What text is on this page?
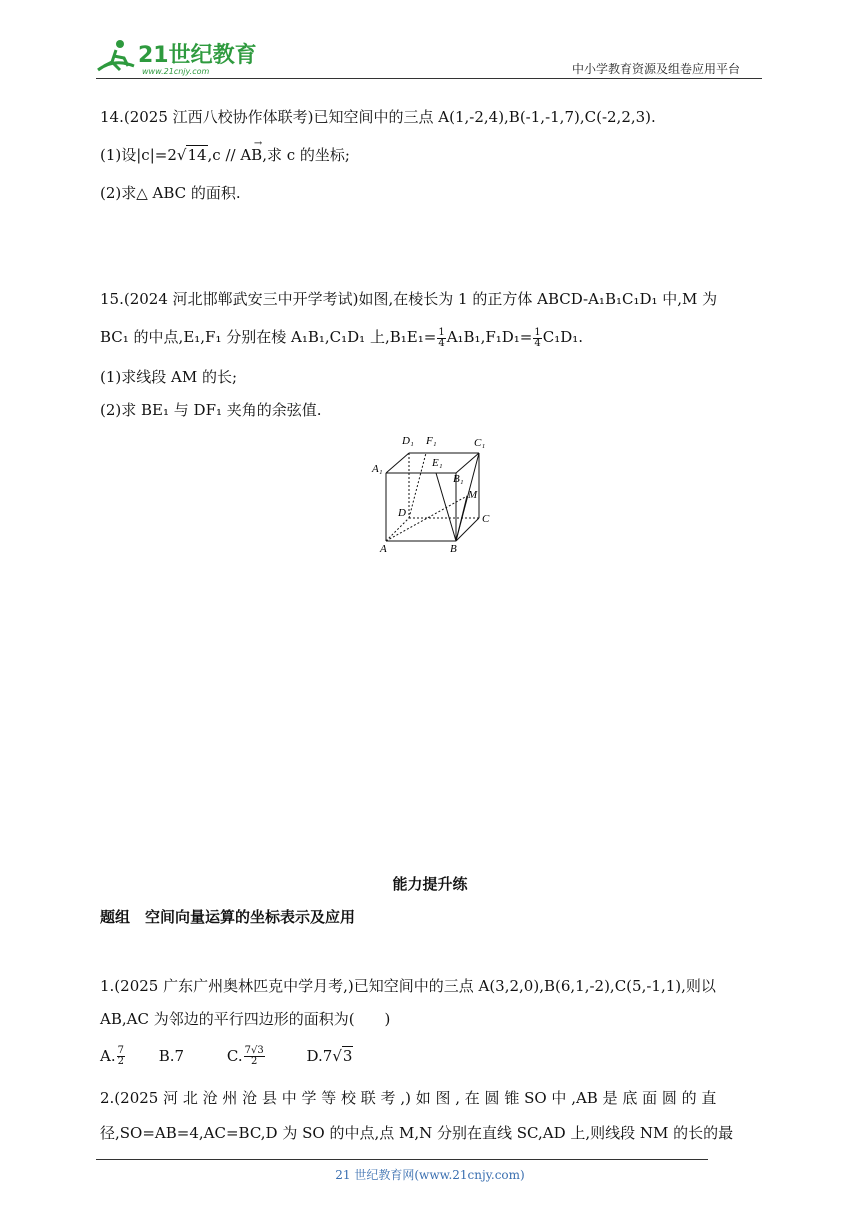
21世纪教育
www.21cnjy.com	中小学教育资源及组卷应用平台
14.(2025 江西八校协作体联考)已知空间中的三点 A(1,-2,4),B(-1,-1,7),C(-2,2,3).
(1)设|c|=2√14,c //
→
AB,求 c 的坐标;
(2)求△ ABC 的面积.
15.(2024 河北邯郸武安三中开学考试)如图,在棱长为 1 的正方体 ABCD-A₁B₁C₁D₁ 中,M 为
BC₁ 的中点,E₁,F₁ 分别在棱 A₁B₁,C₁D₁ 上$,B_1E_1= \frac{1}{4} A_1B_1,F_1D_1= \frac{1}{4} C_1D_1$.
(1)求线段 AM 的长;
(2)求 BE₁ 与 DF₁ 夹角的余弦值.
D₁ F₁	C₁
A₁	E₁
B₁
M
D	C
A	B
能力提升练
题组　空间向量运算的坐标表示及应用
1.(2025 广东广州奥林匹克中学月考,)已知空间中的三点 A(3,2,0),B(6,1,-2),C(5,-1,1),则以
AB,AC 为邻边的平行四边形的面积为(　　)
A. $\frac{7}{2} B.7$	C. $\frac{7√3}{2}$	D.7√3
2.(2025 河 北 沧 州 沧 县 中 学 等 校 联 考 ,) 如 图 , 在 圆 锥 SO 中 ,AB 是 底 面 圆 的 直
径,SO=AB=4,AC=BC,D 为 SO 的中点,点 M,N 分别在直线 SC,AD 上,则线段 NM 的长的最
21 世纪教育网(www.21cnjy.com)
